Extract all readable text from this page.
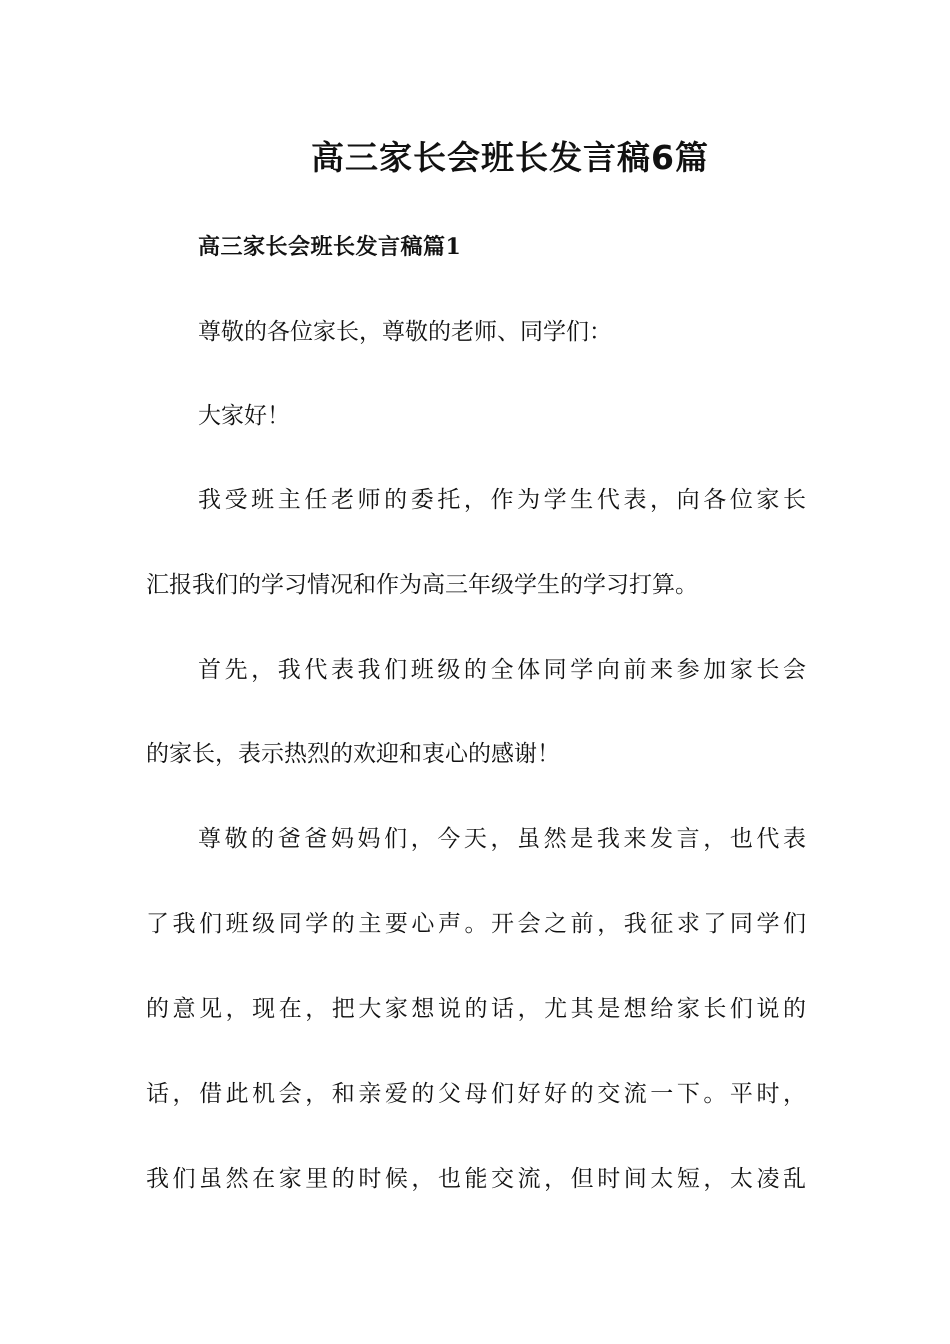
高三家长会班长发言稿6篇
高三家长会班长发言稿篇1
尊敬的各位家长，尊敬的老师、同学们：
大家好！
我受班主任老师的委托，作为学生代表，向各位家长
汇报我们的学习情况和作为高三年级学生的学习打算。
首先，我代表我们班级的全体同学向前来参加家长会
的家长，表示热烈的欢迎和衷心的感谢！
尊敬的爸爸妈妈们，今天，虽然是我来发言，也代表
了我们班级同学的主要心声。开会之前，我征求了同学们
的意见，现在，把大家想说的话，尤其是想给家长们说的
话，借此机会，和亲爱的父母们好好的交流一下。平时，
我们虽然在家里的时候，也能交流，但时间太短，太凌乱
